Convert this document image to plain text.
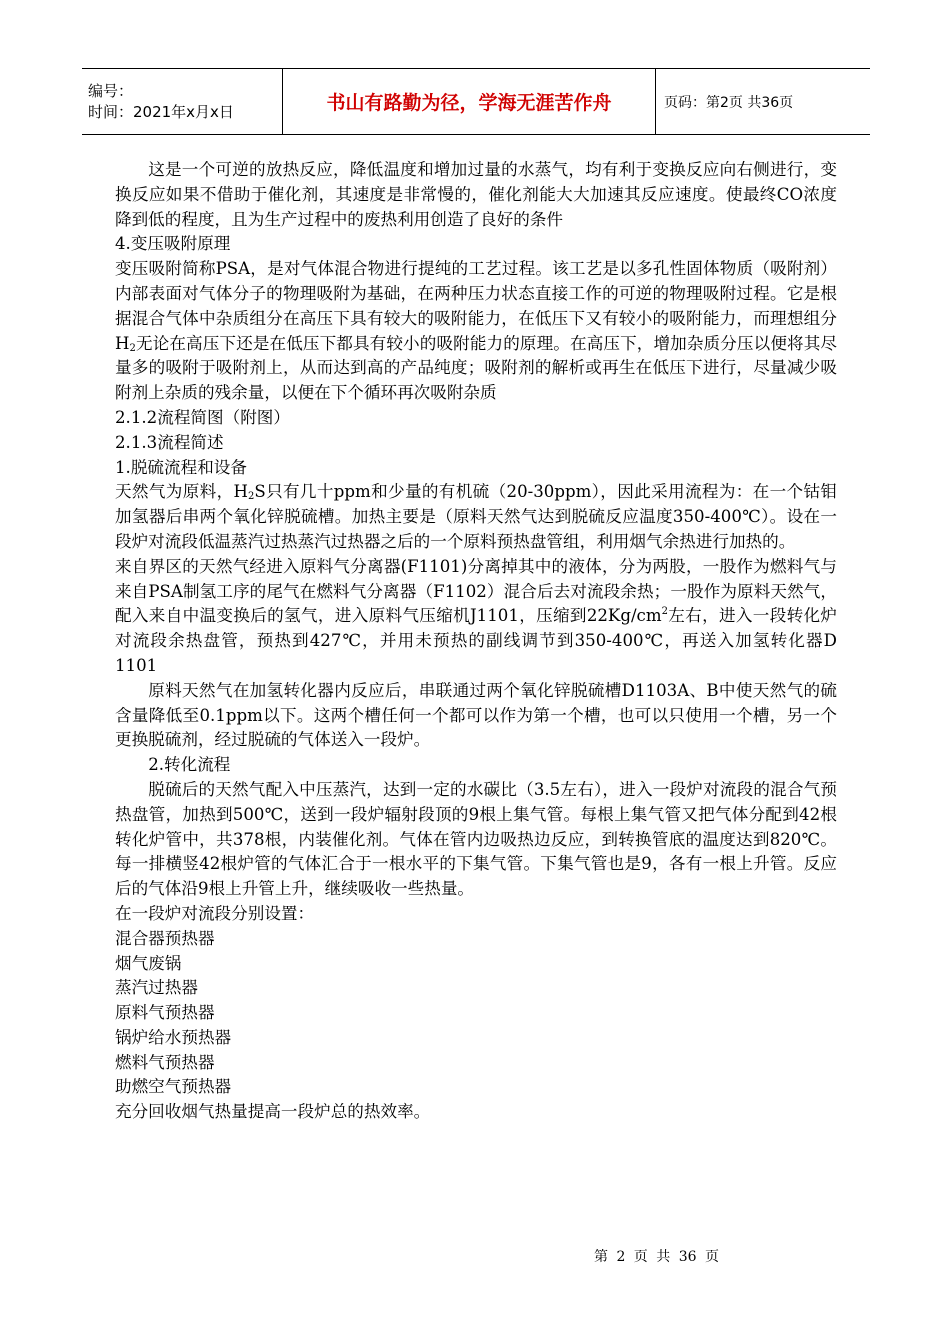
编号：
时间：2021年x月x日	书山有路勤为径，学海无涯苦作舟	页码：第2页 共36页

这是一个可逆的放热反应，降低温度和增加过量的水蒸气，均有利于变换反应向右侧进行，变换反应如果不借助于催化剂，其速度是非常慢的，催化剂能大大加速其反应速度。使最终CO浓度降到低的程度，且为生产过程中的废热利用创造了良好的条件

4.变压吸附原理

变压吸附简称PSA，是对气体混合物进行提纯的工艺过程。该工艺是以多孔性固体物质（吸附剂）内部表面对气体分子的物理吸附为基础，在两种压力状态直接工作的可逆的物理吸附过程。它是根据混合气体中杂质组分在高压下具有较大的吸附能力，在低压下又有较小的吸附能力，而理想组分$H_2$无论在高压下还是在低压下都具有较小的吸附能力的原理。在高压下，增加杂质分压以便将其尽量多的吸附于吸附剂上，从而达到高的产品纯度；吸附剂的解析或再生在低压下进行，尽量减少吸附剂上杂质的残余量，以便在下个循环再次吸附杂质

2.1.2流程简图（附图）

2.1.3流程简述

1.脱硫流程和设备

天然气为原料，$H_2S$只有几十ppm和少量的有机硫（20-30ppm），因此采用流程为：在一个钴钼加氢器后串两个氧化锌脱硫槽。加热主要是（原料天然气达到脱硫反应温度350-400℃）。设在一段炉对流段低温蒸汽过热蒸汽过热器之后的一个原料预热盘管组，利用烟气余热进行加热的。

来自界区的天然气经进入原料气分离器(F1101)分离掉其中的液体，分为两股，一股作为燃料气与来自PSA制氢工序的尾气在燃料气分离器（F1102）混合后去对流段余热；一股作为原料天然气，配入来自中温变换后的氢气，进入原料气压缩机J1101，压缩到$22Kg/cm^2$左右，进入一段转化炉对流段余热盘管，预热到427℃，并用未预热的副线调节到350-400℃，再送入加氢转化器D 1101

原料天然气在加氢转化器内反应后，串联通过两个氧化锌脱硫槽D1103A、B中使天然气的硫含量降低至0.1ppm以下。这两个槽任何一个都可以作为第一个槽，也可以只使用一个槽，另一个更换脱硫剂，经过脱硫的气体送入一段炉。

2.转化流程

脱硫后的天然气配入中压蒸汽，达到一定的水碳比（3.5左右），进入一段炉对流段的混合气预热盘管，加热到500℃，送到一段炉辐射段顶的9根上集气管。每根上集气管又把气体分配到42根转化炉管中，共378根，内装催化剂。气体在管内边吸热边反应，到转换管底的温度达到820℃。每一排横竖42根炉管的气体汇合于一根水平的下集气管。下集气管也是9，各有一根上升管。反应后的气体沿9根上升管上升，继续吸收一些热量。

在一段炉对流段分别设置：

混合器预热器

烟气废锅

蒸汽过热器

原料气预热器

锅炉给水预热器

燃料气预热器

助燃空气预热器

充分回收烟气热量提高一段炉总的热效率。

第 2 页 共 36 页
